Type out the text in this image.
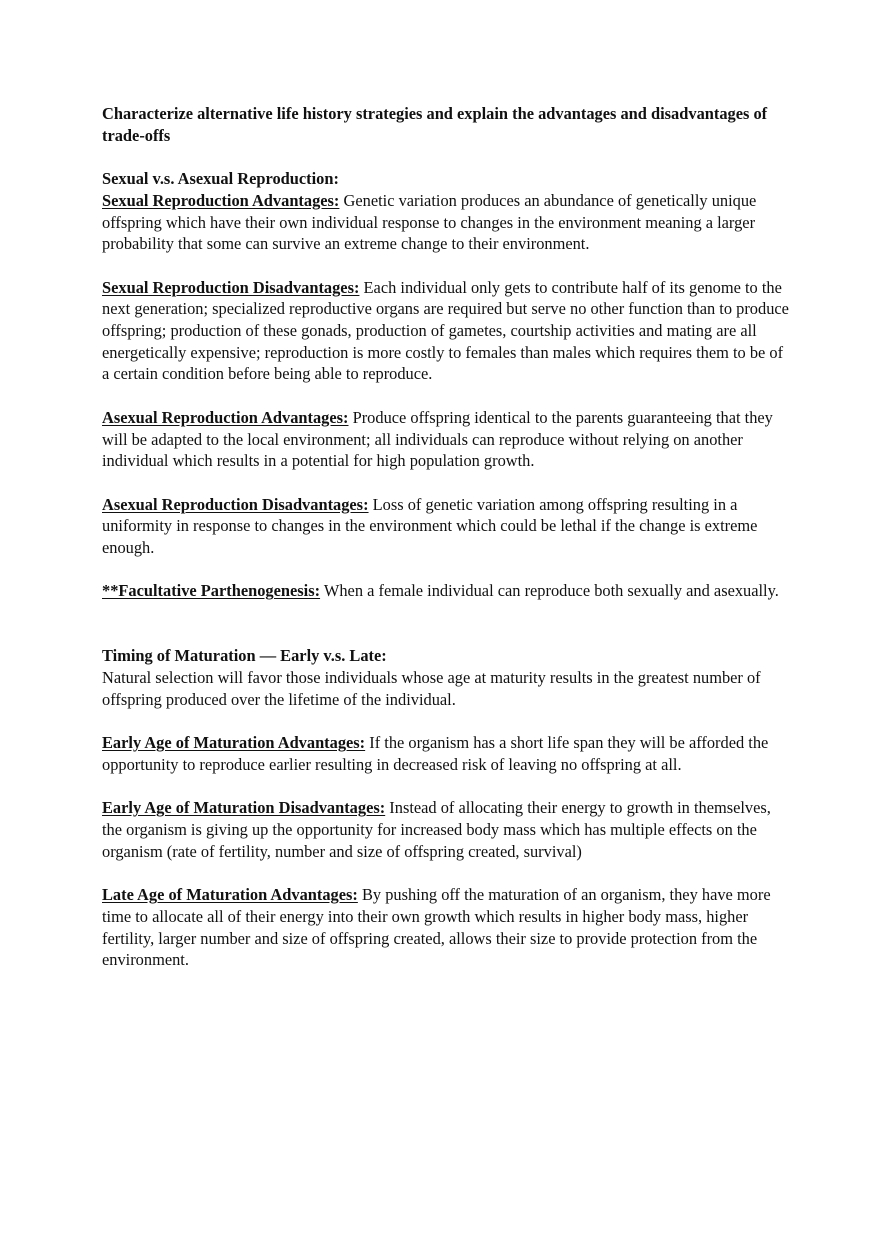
Characterize alternative life history strategies and explain the advantages and disadvantages of trade-offs

Sexual v.s. Asexual Reproduction:

Sexual Reproduction Advantages: Genetic variation produces an abundance of genetically unique offspring which have their own individual response to changes in the environment meaning a larger probability that some can survive an extreme change to their environment.

Sexual Reproduction Disadvantages: Each individual only gets to contribute half of its genome to the next generation; specialized reproductive organs are required but serve no other function than to produce offspring; production of these gonads, production of gametes, courtship activities and mating are all energetically expensive; reproduction is more costly to females than males which requires them to be of a certain condition before being able to reproduce.

Asexual Reproduction Advantages: Produce offspring identical to the parents guaranteeing that they will be adapted to the local environment; all individuals can reproduce without relying on another individual which results in a potential for high population growth.

Asexual Reproduction Disadvantages: Loss of genetic variation among offspring resulting in a uniformity in response to changes in the environment which could be lethal if the change is extreme enough.

**Facultative Parthenogenesis: When a female individual can reproduce both sexually and asexually.

Timing of Maturation — Early v.s. Late:

Natural selection will favor those individuals whose age at maturity results in the greatest number of offspring produced over the lifetime of the individual.

Early Age of Maturation Advantages: If the organism has a short life span they will be afforded the opportunity to reproduce earlier resulting in decreased risk of leaving no offspring at all.

Early Age of Maturation Disadvantages: Instead of allocating their energy to growth in themselves, the organism is giving up the opportunity for increased body mass which has multiple effects on the organism (rate of fertility, number and size of offspring created, survival)

Late Age of Maturation Advantages: By pushing off the maturation of an organism, they have more time to allocate all of their energy into their own growth which results in higher body mass, higher fertility, larger number and size of offspring created, allows their size to provide protection from the environment.
